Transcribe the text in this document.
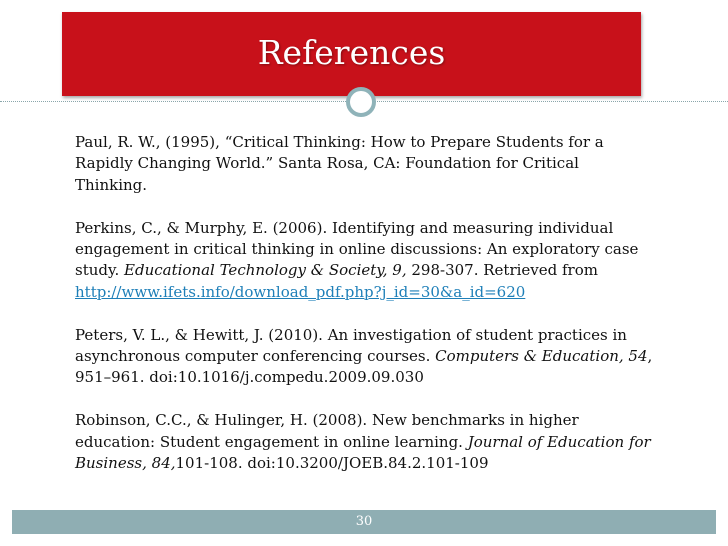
References

Paul, R. W., (1995), “Critical Thinking: How to Prepare Students for a Rapidly Changing World.” Santa Rosa, CA: Foundation for Critical Thinking.

Perkins, C., & Murphy, E. (2006). Identifying and measuring individual engagement in critical thinking in online discussions: An exploratory case study. Educational Technology & Society, 9, 298-307. Retrieved from http://www.ifets.info/download_pdf.php?j_id=30&a_id=620

Peters, V. L., & Hewitt, J. (2010). An investigation of student practices in asynchronous computer conferencing courses. Computers & Education, 54, 951–961. doi:10.1016/j.compedu.2009.09.030

Robinson, C.C., & Hulinger, H. (2008). New benchmarks in higher education: Student engagement in online learning. Journal of Education for Business, 84,101-108. doi:10.3200/JOEB.84.2.101-109

30
